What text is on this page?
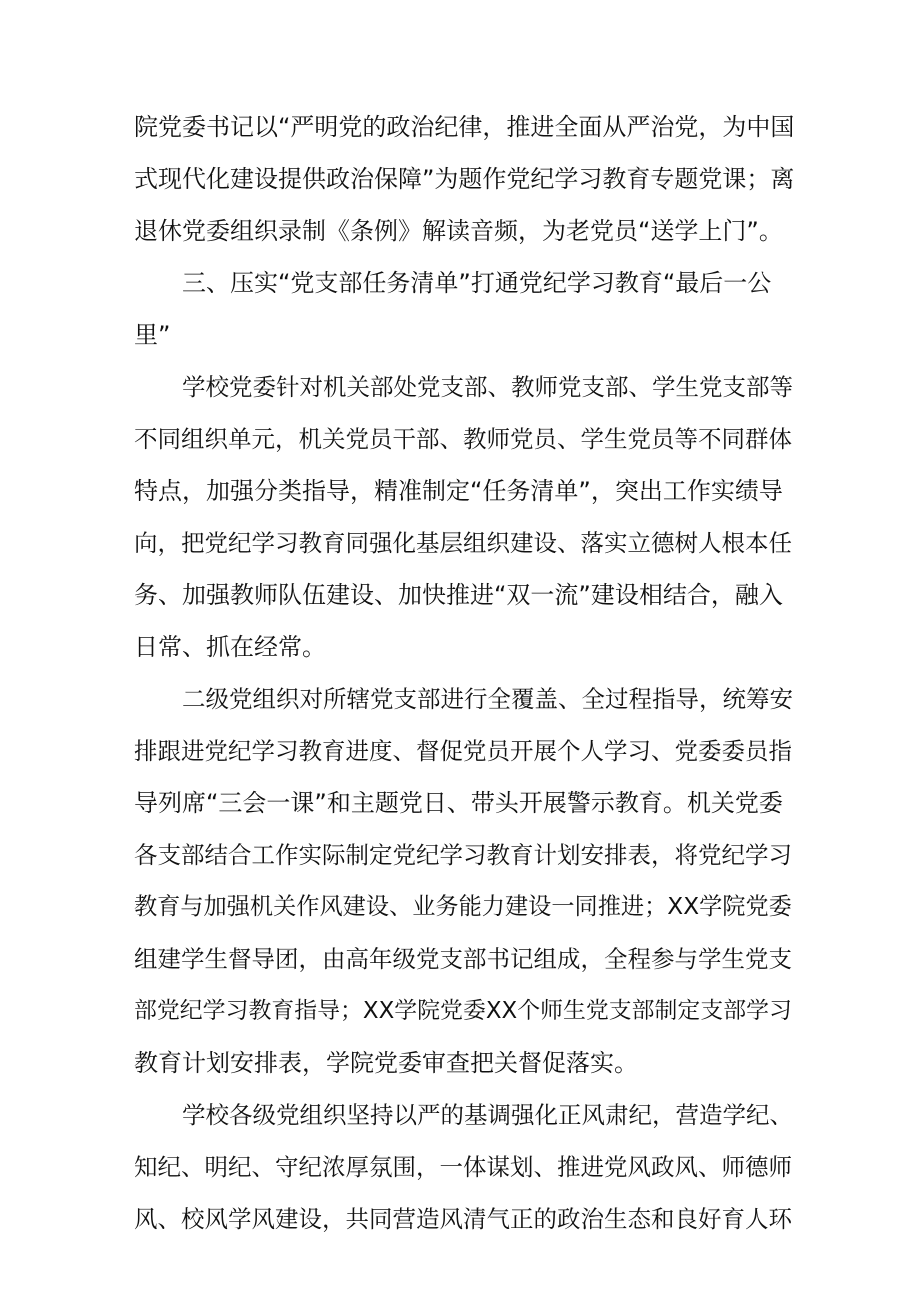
院党委书记以“严明党的政治纪律，推进全面从严治党，为中国
式现代化建设提供政治保障”为题作党纪学习教育专题党课；离
退休党委组织录制《条例》解读音频，为老党员“送学上门”。
三、压实“党支部任务清单”打通党纪学习教育“最后一公
里”
学校党委针对机关部处党支部、教师党支部、学生党支部等
不同组织单元，机关党员干部、教师党员、学生党员等不同群体
特点，加强分类指导，精准制定“任务清单”，突出工作实绩导
向，把党纪学习教育同强化基层组织建设、落实立德树人根本任
务、加强教师队伍建设、加快推进“双一流”建设相结合，融入
日常、抓在经常。
二级党组织对所辖党支部进行全覆盖、全过程指导，统筹安
排跟进党纪学习教育进度、督促党员开展个人学习、党委委员指
导列席“三会一课”和主题党日、带头开展警示教育。机关党委
各支部结合工作实际制定党纪学习教育计划安排表，将党纪学习
教育与加强机关作风建设、业务能力建设一同推进；XX学院党委
组建学生督导团，由高年级党支部书记组成，全程参与学生党支
部党纪学习教育指导；XX学院党委XX个师生党支部制定支部学习
教育计划安排表，学院党委审查把关督促落实。
学校各级党组织坚持以严的基调强化正风肃纪，营造学纪、
知纪、明纪、守纪浓厚氛围，一体谋划、推进党风政风、师德师
风、校风学风建设，共同营造风清气正的政治生态和良好育人环
